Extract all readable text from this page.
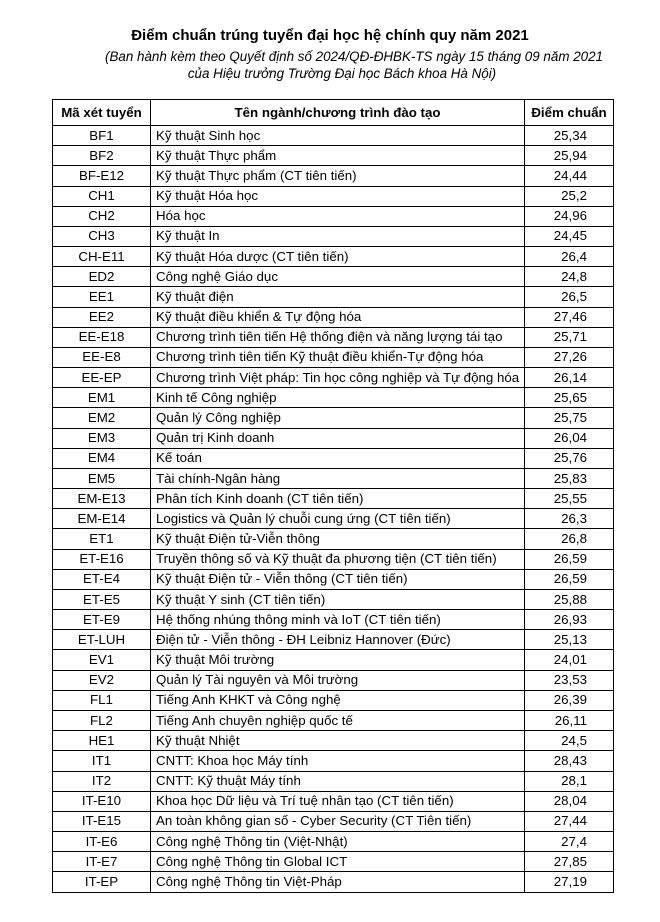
Điểm chuẩn trúng tuyển đại học hệ chính quy năm 2021
(Ban hành kèm theo Quyết định số 2024/QĐ-ĐHBK-TS ngày 15 tháng 09 năm 2021
của Hiệu trưởng Trường Đại học Bách khoa Hà Nội)
Mã xét tuyển	Tên ngành/chương trình đào tạo	Điểm chuẩn
BF1	Kỹ thuật Sinh học	25,34
BF2	Kỹ thuật Thực phẩm	25,94
BF-E12	Kỹ thuật Thực phẩm (CT tiên tiến)	24,44
CH1	Kỹ thuật Hóa học	25,2
CH2	Hóa học	24,96
CH3	Kỹ thuật In	24,45
CH-E11	Kỹ thuật Hóa dược (CT tiên tiến)	26,4
ED2	Công nghệ Giáo dục	24,8
EE1	Kỹ thuật điện	26,5
EE2	Kỹ thuật điều khiển & Tự động hóa	27,46
EE-E18	Chương trình tiên tiến Hệ thống điện và năng lượng tái tạo	25,71
EE-E8	Chương trình tiên tiến Kỹ thuật điều khiển-Tự động hóa	27,26
EE-EP	Chương trình Việt pháp: Tin học công nghiệp và Tự động hóa	26,14
EM1	Kinh tế Công nghiệp	25,65
EM2	Quản lý Công nghiệp	25,75
EM3	Quản trị Kinh doanh	26,04
EM4	Kế toán	25,76
EM5	Tài chính-Ngân hàng	25,83
EM-E13	Phân tích Kinh doanh (CT tiên tiến)	25,55
EM-E14	Logistics và Quản lý chuỗi cung ứng (CT tiên tiến)	26,3
ET1	Kỹ thuật Điện tử-Viễn thông	26,8
ET-E16	Truyền thông số và Kỹ thuật đa phương tiện (CT tiên tiến)	26,59
ET-E4	Kỹ thuật Điện tử - Viễn thông (CT tiên tiến)	26,59
ET-E5	Kỹ thuật Y sinh (CT tiên tiến)	25,88
ET-E9	Hệ thống nhúng thông minh và IoT (CT tiên tiến)	26,93
ET-LUH	Điện tử - Viễn thông - ĐH Leibniz Hannover (Đức)	25,13
EV1	Kỹ thuật Môi trường	24,01
EV2	Quản lý Tài nguyên và Môi trường	23,53
FL1	Tiếng Anh KHKT và Công nghệ	26,39
FL2	Tiếng Anh chuyên nghiệp quốc tế	26,11
HE1	Kỹ thuật Nhiệt	24,5
IT1	CNTT: Khoa học Máy tính	28,43
IT2	CNTT: Kỹ thuật Máy tính	28,1
IT-E10	Khoa học Dữ liệu và Trí tuệ nhân tạo (CT tiên tiến)	28,04
IT-E15	An toàn không gian số - Cyber Security (CT Tiên tiến)	27,44
IT-E6	Công nghệ Thông tin (Việt-Nhật)	27,4
IT-E7	Công nghệ Thông tin Global ICT	27,85
IT-EP	Công nghệ Thông tin Việt-Pháp	27,19
